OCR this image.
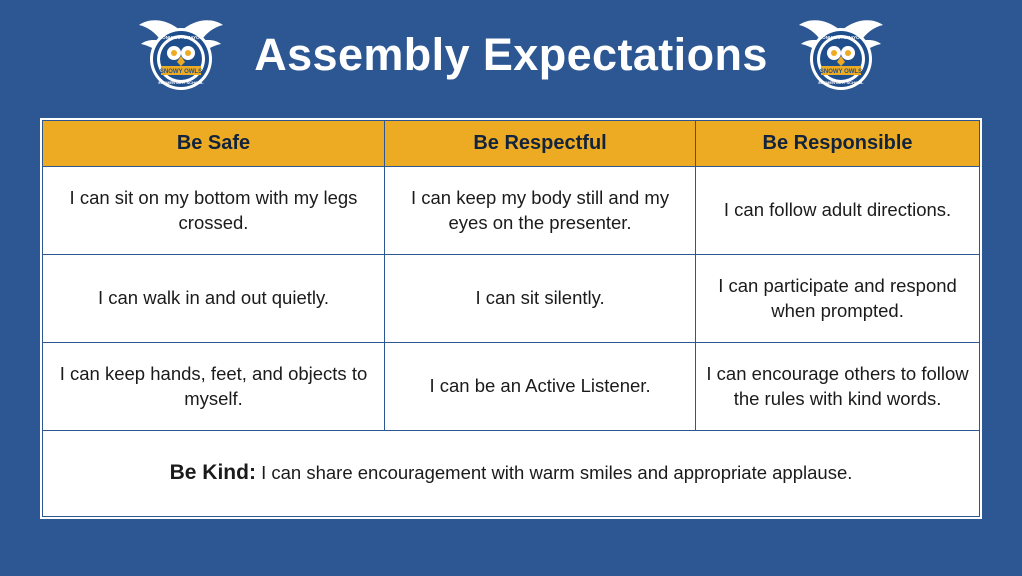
SNOWY OWLS
SONIA SOTOMAYOR
ELEMENTARY SCHOOL
Assembly Expectations	SNOWY OWLS
SONIA SOTOMAYOR
ELEMENTARY SCHOOL
Be Safe	Be Respectful	Be Responsible
I can sit on my bottom with my legs crossed.	I can keep my body still and my eyes on the presenter.	I can follow adult directions.
I can walk in and out quietly.	I can sit silently.	I can participate and respond when prompted.
I can keep hands, feet, and objects to myself.	I can be an Active Listener.	I can encourage others to follow the rules with kind words.
Be Kind: I can share encouragement with warm smiles and appropriate applause.		
